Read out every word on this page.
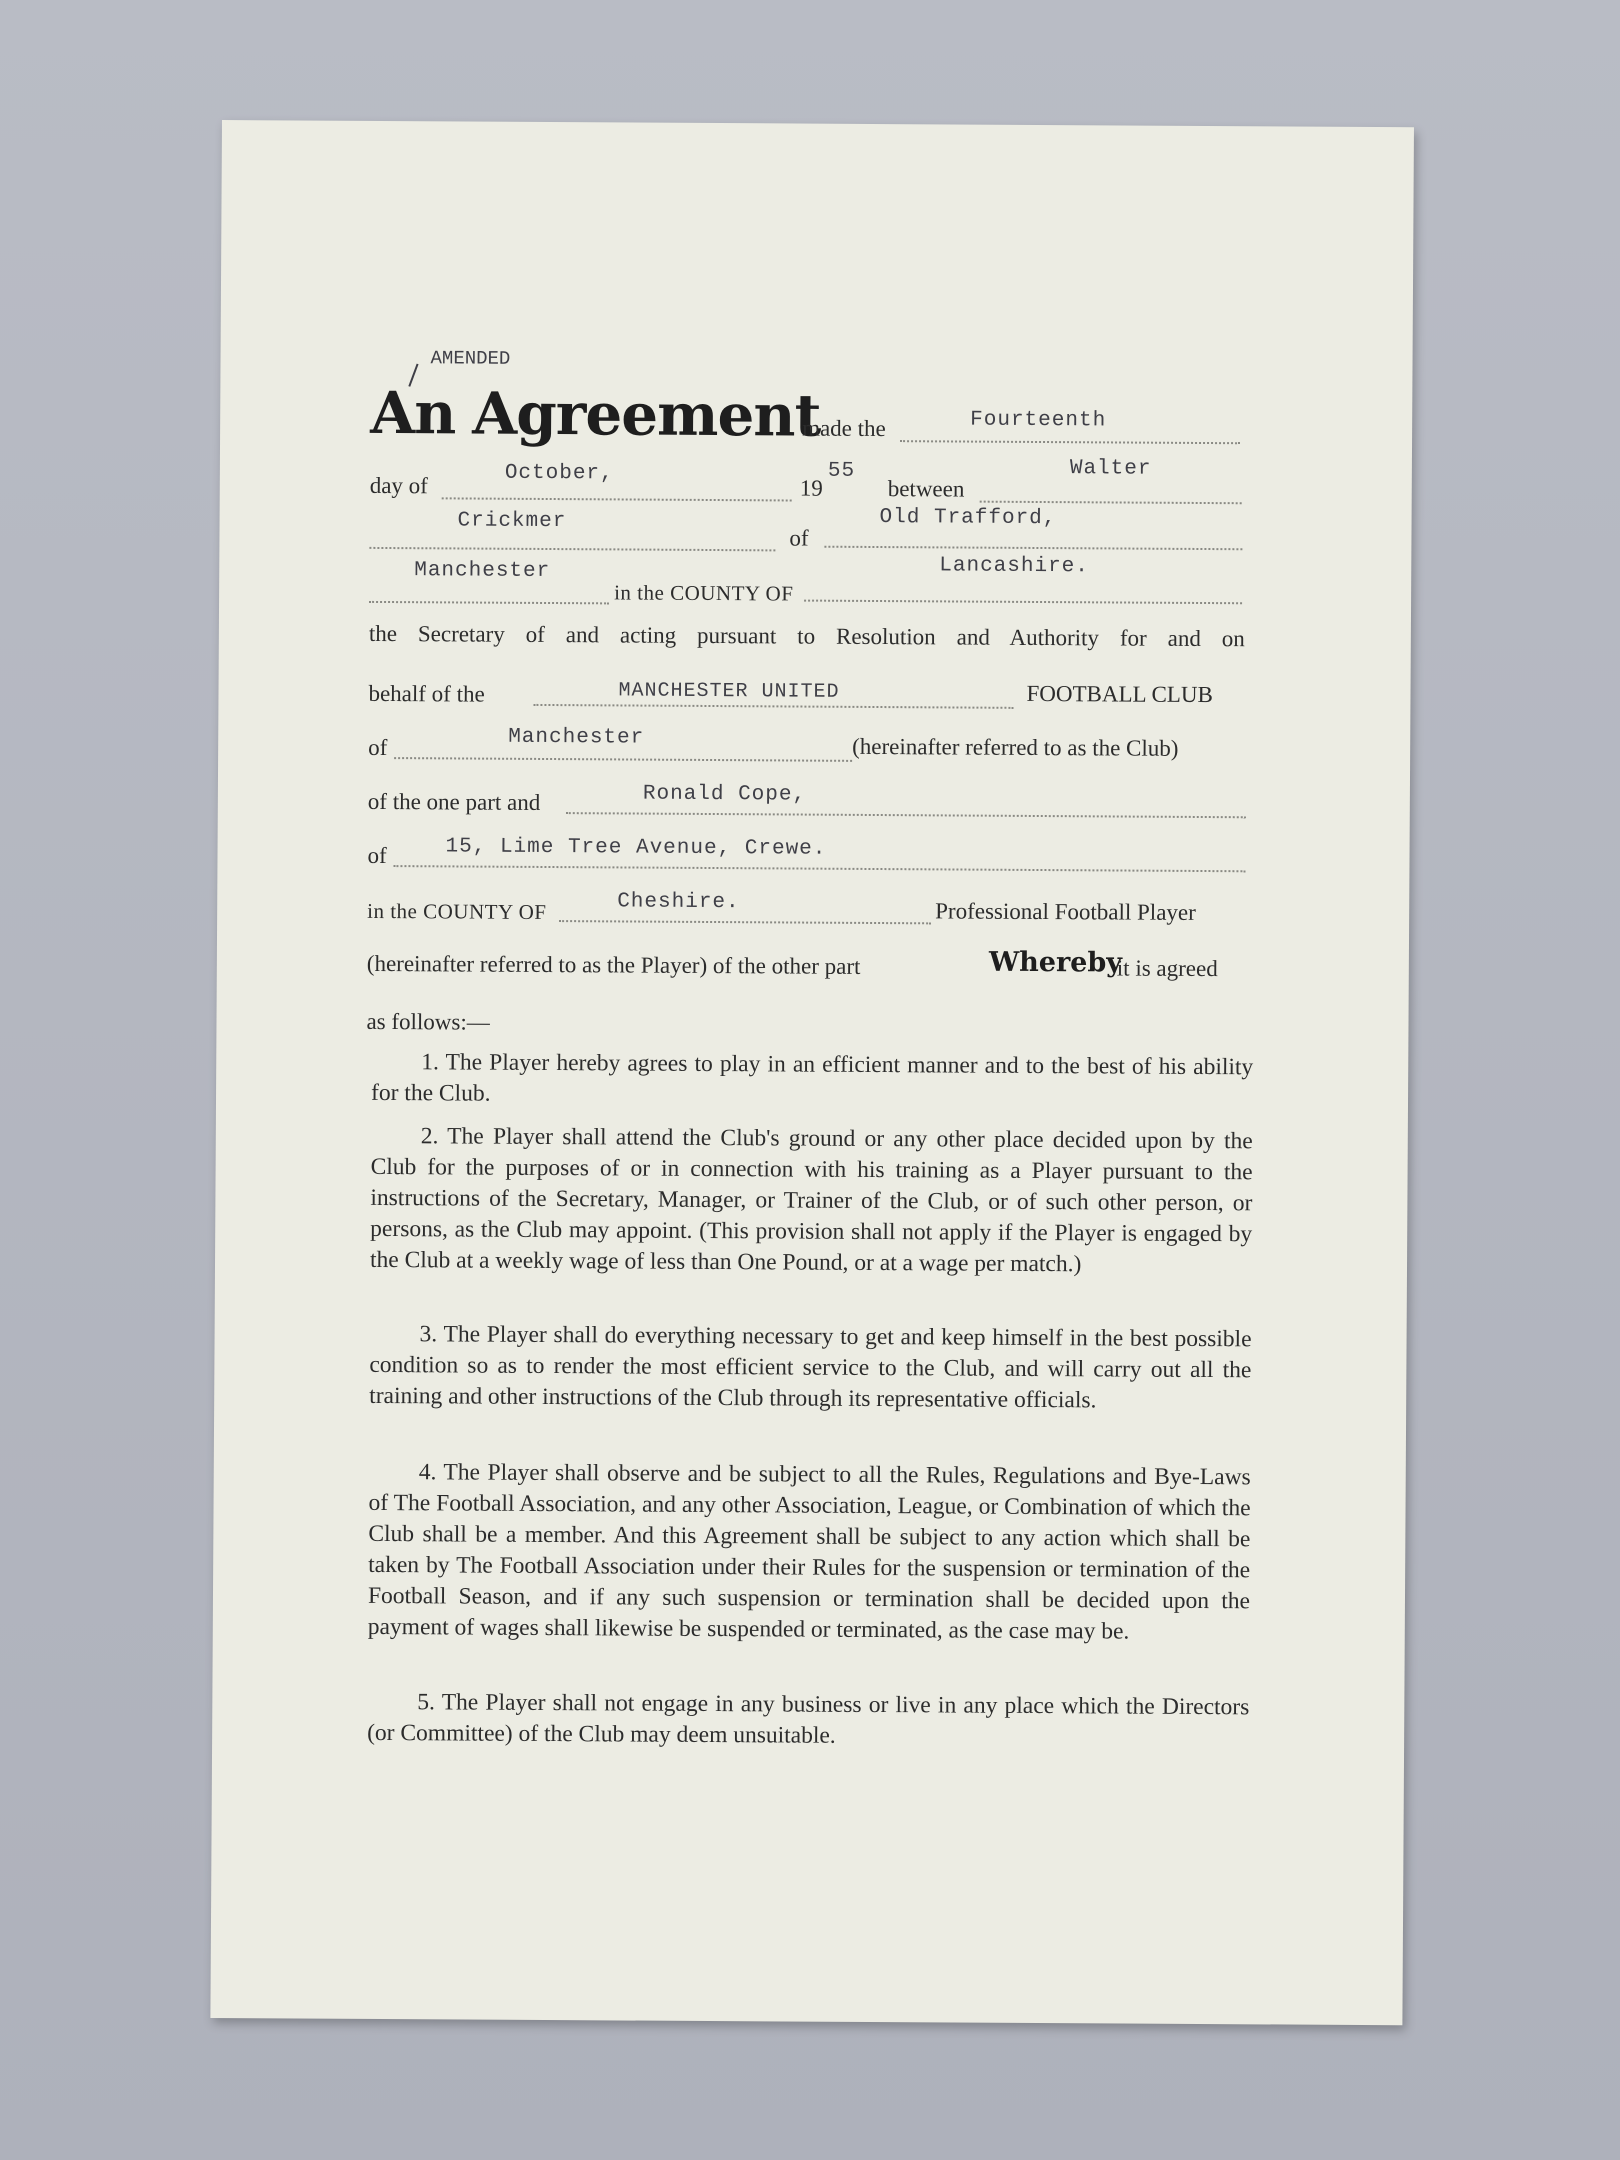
AMENDED
An Agreement
made the	Fourteenth
day of	October,
19
55
between
Walter
Crickmer
of
Old Trafford,
Manchester
in the COUNTY OF
Lancashire.
the Secretary of and acting pursuant to Resolution and Authority for and on
behalf of the	MANCHESTER UNITED	FOOTBALL CLUB
of	Manchester	(hereinafter referred to as the Club)
of the one part and	Ronald Cope,
of	15, Lime Tree Avenue, Crewe.
in the COUNTY OF	Cheshire.	Professional Football Player
(hereinafter referred to as the Player) of the other part	Whereby
it is agreed
as follows:—
1. The Player hereby agrees to play in an efficient manner and to the best of his ability for the Club.
2. The Player shall attend the Club's ground or any other place decided upon by the Club for the purposes of or in connection with his training as a Player pursuant to the instructions of the Secretary, Manager, or Trainer of the Club, or of such other person, or persons, as the Club may appoint. (This provision shall not apply if the Player is engaged by the Club at a weekly wage of less than One Pound, or at a wage per match.)
3. The Player shall do everything necessary to get and keep himself in the best possible condition so as to render the most efficient service to the Club, and will carry out all the training and other instructions of the Club through its representative officials.
4. The Player shall observe and be subject to all the Rules, Regulations and Bye-Laws of The Football Association, and any other Association, League, or Combination of which the Club shall be a member. And this Agreement shall be subject to any action which shall be taken by The Football Association under their Rules for the suspension or termination of the Football Season, and if any such suspension or termination shall be decided upon the payment of wages shall likewise be suspended or terminated, as the case may be.
5. The Player shall not engage in any business or live in any place which the Directors (or Committee) of the Club may deem unsuitable.
